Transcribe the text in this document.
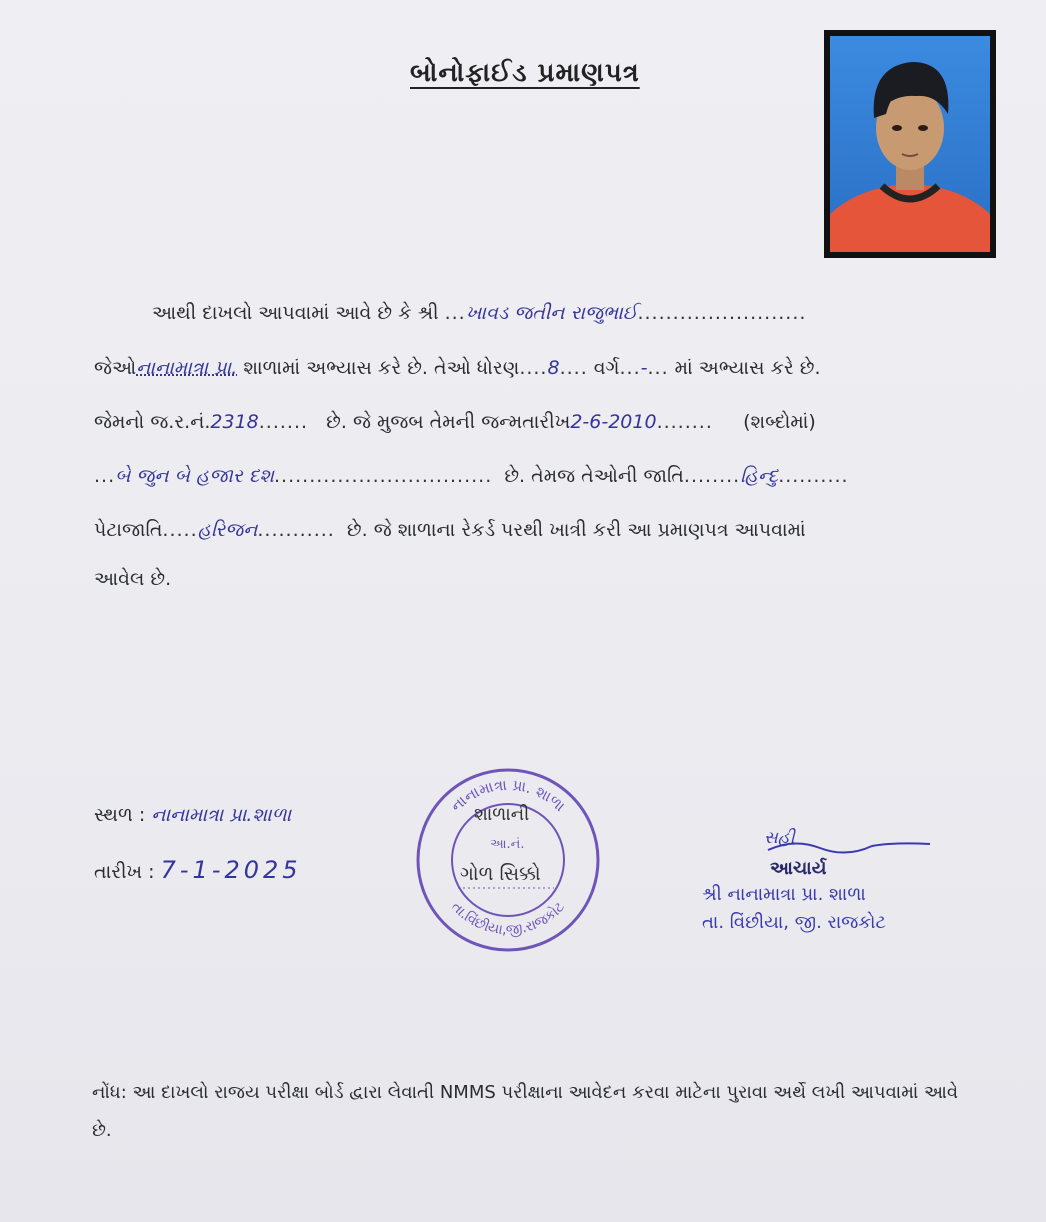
બોનોફાઈડ પ્રમાણપત્ર
આથી દાખલો આપવામાં આવે છે કે શ્રી ...ખાવડ જતીન રાજુભાઈ........................
જેઓનાનામાત્રા પ્રા. શાળામાં અભ્યાસ કરે છે. તેઓ ધોરણ....8.... વર્ગ...-... માં અભ્યાસ કરે છે.
જેમનો જ.ર.નં.2318....... છે. જે મુજબ તેમની જન્મતારીખ2-6-2010........ (શબ્દોમાં)
...બે જુન બે હજાર દશ............................... છે. તેમજ તેઓની જાતિ........હિન્દુ..........
પેટાજાતિ.....હરિજન........... છે. જે શાળાના રેકર્ડ પરથી ખાત્રી કરી આ પ્રમાણપત્ર આપવામાં
આવેલ છે.
સ્થળ : નાનામાત્રા પ્રા.શાળા
તારીખ : 7-1-2025
નાનામાત્રા પ્રા. શાળા
તા.વિંછીયા,જી.રાજકોટ
શાળાની
આ.નં.
ગોળ સિક્કો
સહી
આચાર્ય
શ્રી નાનામાત્રા પ્રા. શાળા
તા. વિંછીયા, જી. રાજકોટ
નોંધ: આ દાખલો રાજય પરીક્ષા બોર્ડ દ્વારા લેવાતી NMMS પરીક્ષાના આવેદન કરવા માટેના પુરાવા અર્થે લખી આપવામાં આવે છે.
